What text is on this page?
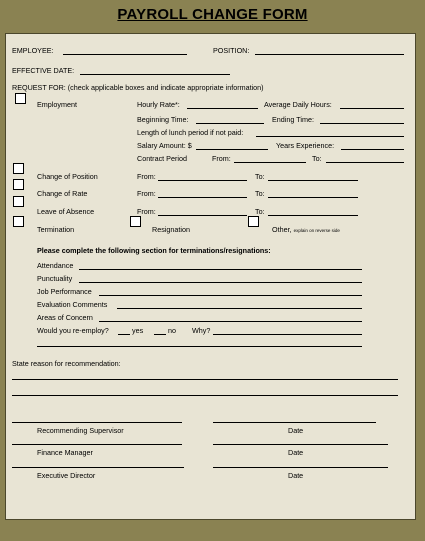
PAYROLL CHANGE FORM
EMPLOYEE:	POSITION:
EFFECTIVE DATE:
REQUEST FOR: (check applicable boxes and indicate appropriate information)
Employment	Hourly Rate*:	Average Daily Hours:
Beginning Time:	Ending Time:
Length of lunch period if not paid:
Salary Amount: $	Years Experience:
Contract Period	From:	To:
Change of Position	From:	To:
Change of Rate	From:	To:
Leave of Absence	From:	To:
Termination	Resignation	Other, explain on reverse side
Please complete the following section for terminations/resignations:
Attendance
Punctuality
Job Performance
Evaluation Comments
Areas of Concern
Would you re-employ?	yes	no Why?
State reason for recommendation:
Recommending Supervisor	Date
Finance Manager	Date
Executive Director	Date
